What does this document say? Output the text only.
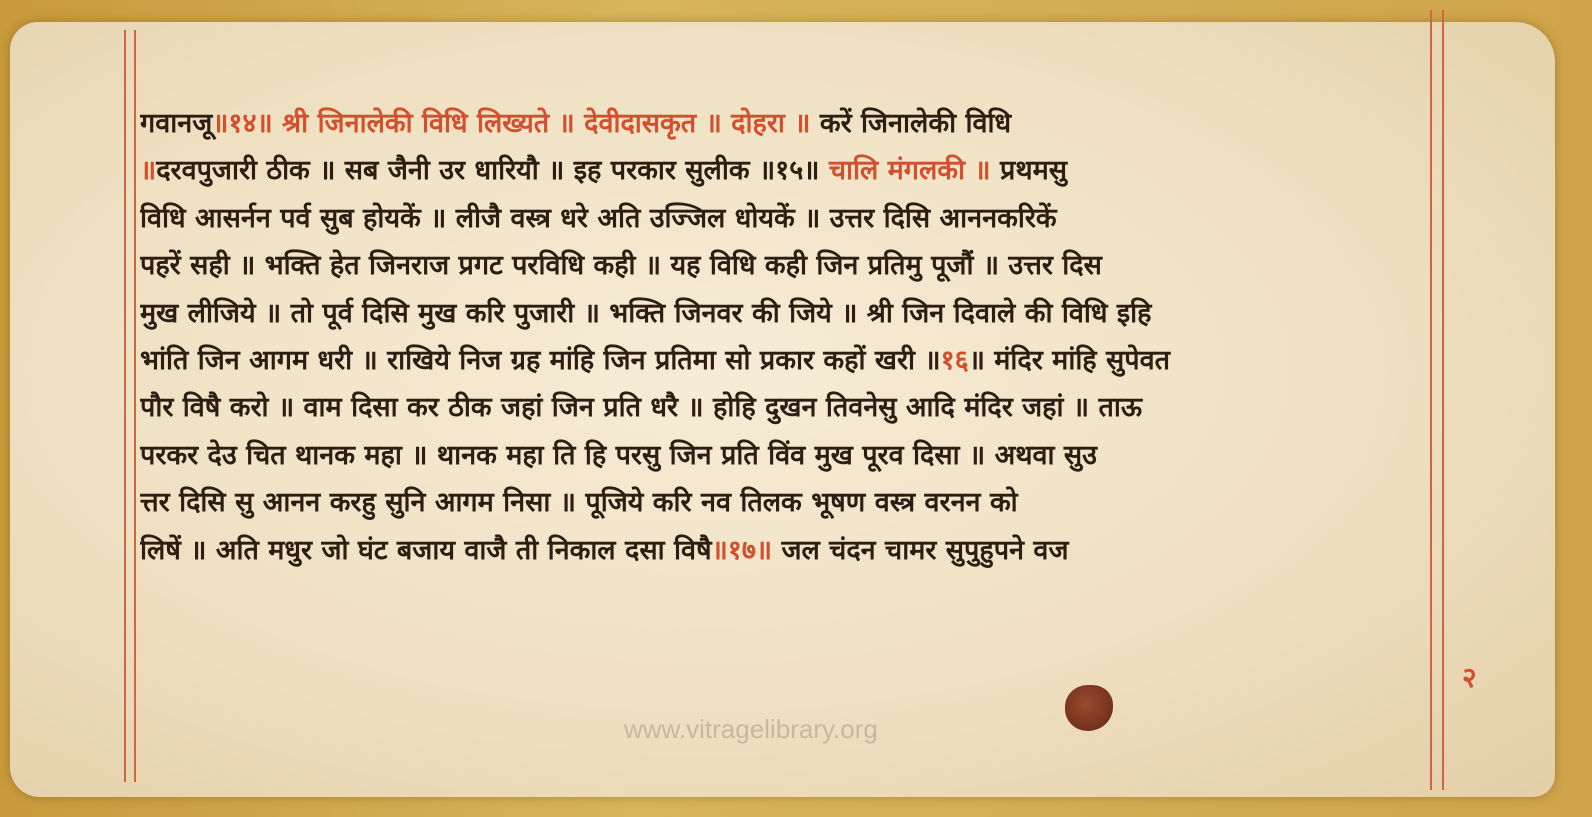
गवानजू॥१४॥ श्री जिनालेकी विधि लिख्यते ॥ देवीदासकृत ॥ दोहरा ॥ करें जिनालेकी विधि
॥दरवपुजारी ठीक ॥ सब जैनी उर धारियौ ॥ इह परकार सुलीक ॥१५॥ चालि मंगलकी ॥ प्रथमसु
विधि आसर्नन पर्व सुब होयकें ॥ लीजै वस्त्र धरे अति उज्जिल धोयकें ॥ उत्तर दिसि आननकरिकें
पहरें सही ॥ भक्ति हेत जिनराज प्रगट परविधि कही ॥ यह विधि कही जिन प्रतिमु पूजौं ॥ उत्तर दिस
मुख लीजिये ॥ तो पूर्व दिसि मुख करि पुजारी ॥ भक्ति जिनवर की जिये ॥ श्री जिन दिवाले की विधि इहि
भांति जिन आगम धरी ॥ राखिये निज ग्रह मांहि जिन प्रतिमा सो प्रकार कहों खरी ॥१६॥ मंदिर मांहि सुपेवत
पौर विषै करो ॥ वाम दिसा कर ठीक जहां जिन प्रति धरै ॥ होहि दुखन तिवनेसु आदि मंदिर जहां ॥ ताऊ
परकर देउ चित थानक महा ॥ थानक महा ति हि परसु जिन प्रति विंव मुख पूरव दिसा ॥ अथवा सुउ
त्तर दिसि सु आनन करहु सुनि आगम निसा ॥ पूजिये करि नव तिलक भूषण वस्त्र वरनन को
लिषें ॥ अति मधुर जो घंट बजाय वाजै ती निकाल दसा विषै॥१७॥ जल चंदन चामर सुपुहुपने वज
२
www.vitragelibrary.org
